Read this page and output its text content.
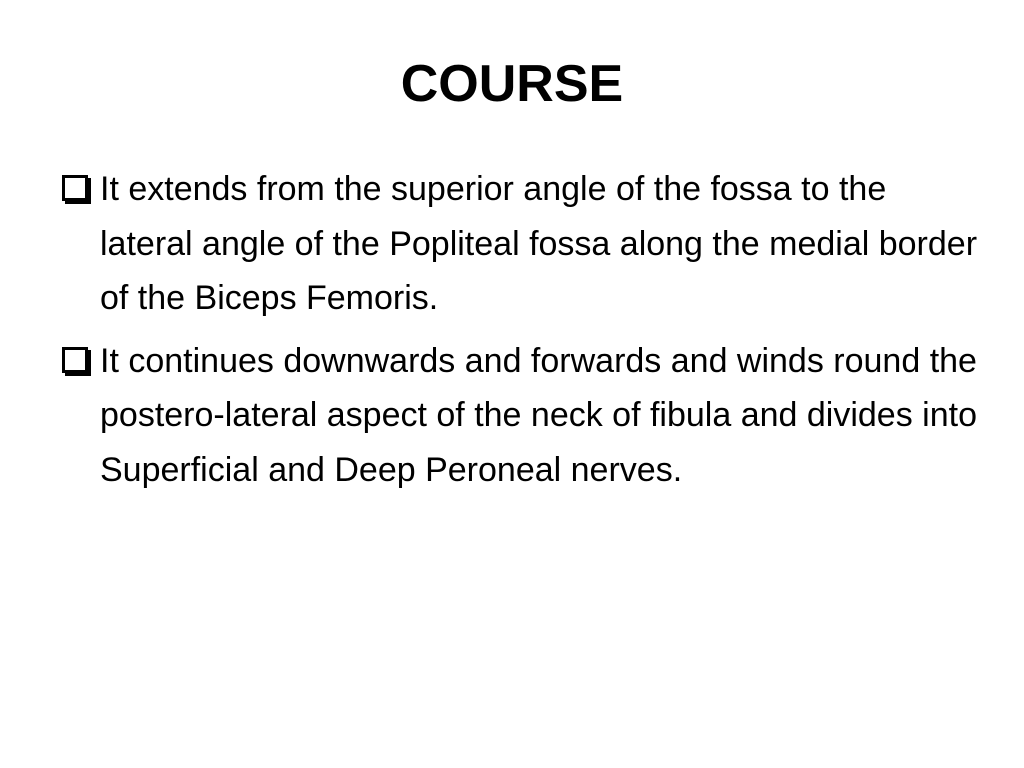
COURSE
It extends from the superior angle of the fossa to the lateral angle of the Popliteal fossa along the medial border of the Biceps Femoris.
It continues downwards and forwards and winds round the postero-lateral aspect of the neck of fibula and divides into Superficial and Deep Peroneal nerves.
